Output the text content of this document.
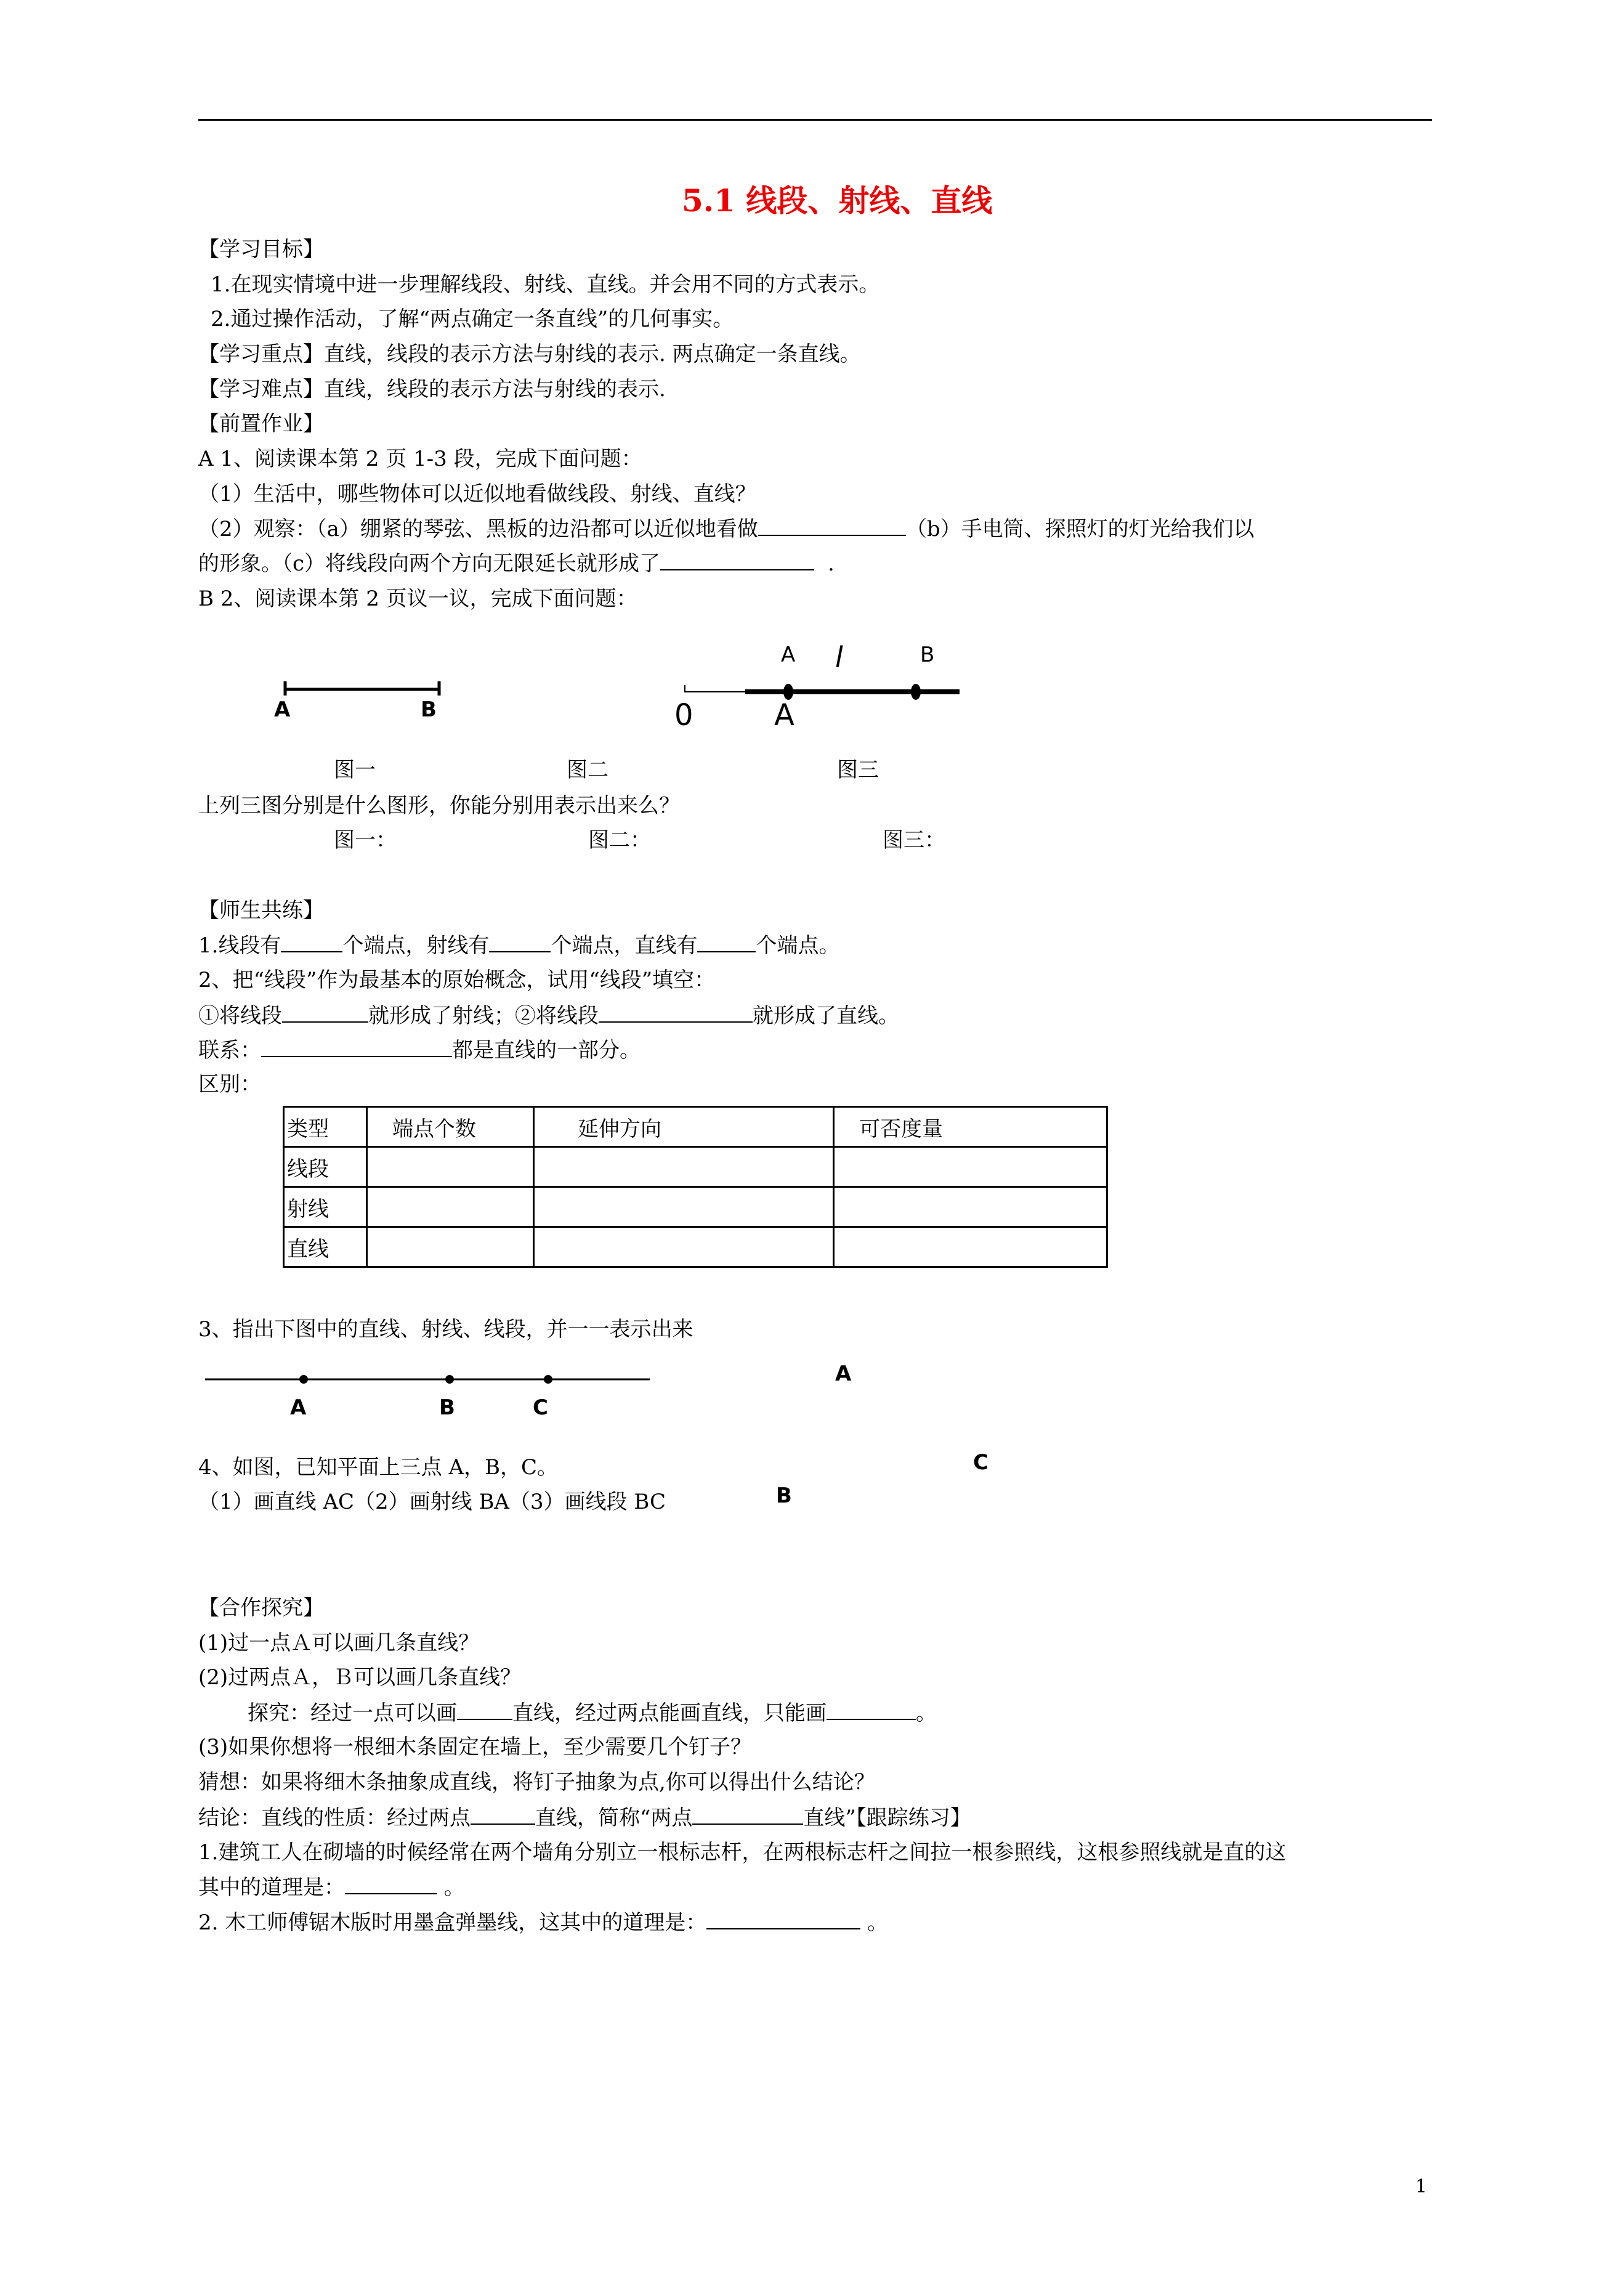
5.1 线段、射线、直线
【学习目标】
1.在现实情境中进一步理解线段、射线、直线。并会用不同的方式表示。
2.通过操作活动，了解“两点确定一条直线”的几何事实。
【学习重点】直线，线段的表示方法与射线的表示. 两点确定一条直线。
【学习难点】直线，线段的表示方法与射线的表示.
【前置作业】
A 1、阅读课本第 2 页 1-3 段，完成下面问题：
（1）生活中，哪些物体可以近似地看做线段、射线、直线？
（2）观察：（a）绷紧的琴弦、黑板的边沿都可以近似地看做	（b）手电筒、探照灯的灯光给我们以
的形象。（c）将线段向两个方向无限延长就形成了	.
B 2、阅读课本第 2 页议一议，完成下面问题：
A	B	0	A
A l	B
图一	图二	图三
上列三图分别是什么图形，你能分别用表示出来么？
图一：	图二：	图三：
【师生共练】
1.线段有	个端点，射线有	个端点，直线有	个端点。
2、把“线段”作为最基本的原始概念，试用“线段”填空：
①将线段	就形成了射线；②将线段	就形成了直线。
联系：	都是直线的一部分。
区别：
类型	端点个数	延伸方向	可否度量
线段			
射线			
直线			
3、指出下图中的直线、射线、线段，并一一表示出来
A	B	C
A
4、如图，已知平面上三点 A，B，C。	C
（1）画直线 AC（2）画射线 BA（3）画线段 BC	B
【合作探究】
(1)过一点Ａ可以画几条直线？
(2)过两点Ａ，Ｂ可以画几条直线？
探究：经过一点可以画	直线，经过两点能画直线，只能画	。
(3)如果你想将一根细木条固定在墙上，至少需要几个钉子？
猜想：如果将细木条抽象成直线，将钉子抽象为点,你可以得出什么结论？
结论：直线的性质：经过两点	直线，简称“两点	直线”【跟踪练习】
1.建筑工人在砌墙的时候经常在两个墙角分别立一根标志杆，在两根标志杆之间拉一根参照线，这根参照线就是直的这
其中的道理是：	。
2. 木工师傅锯木版时用墨盒弹墨线，这其中的道理是：	。
1
